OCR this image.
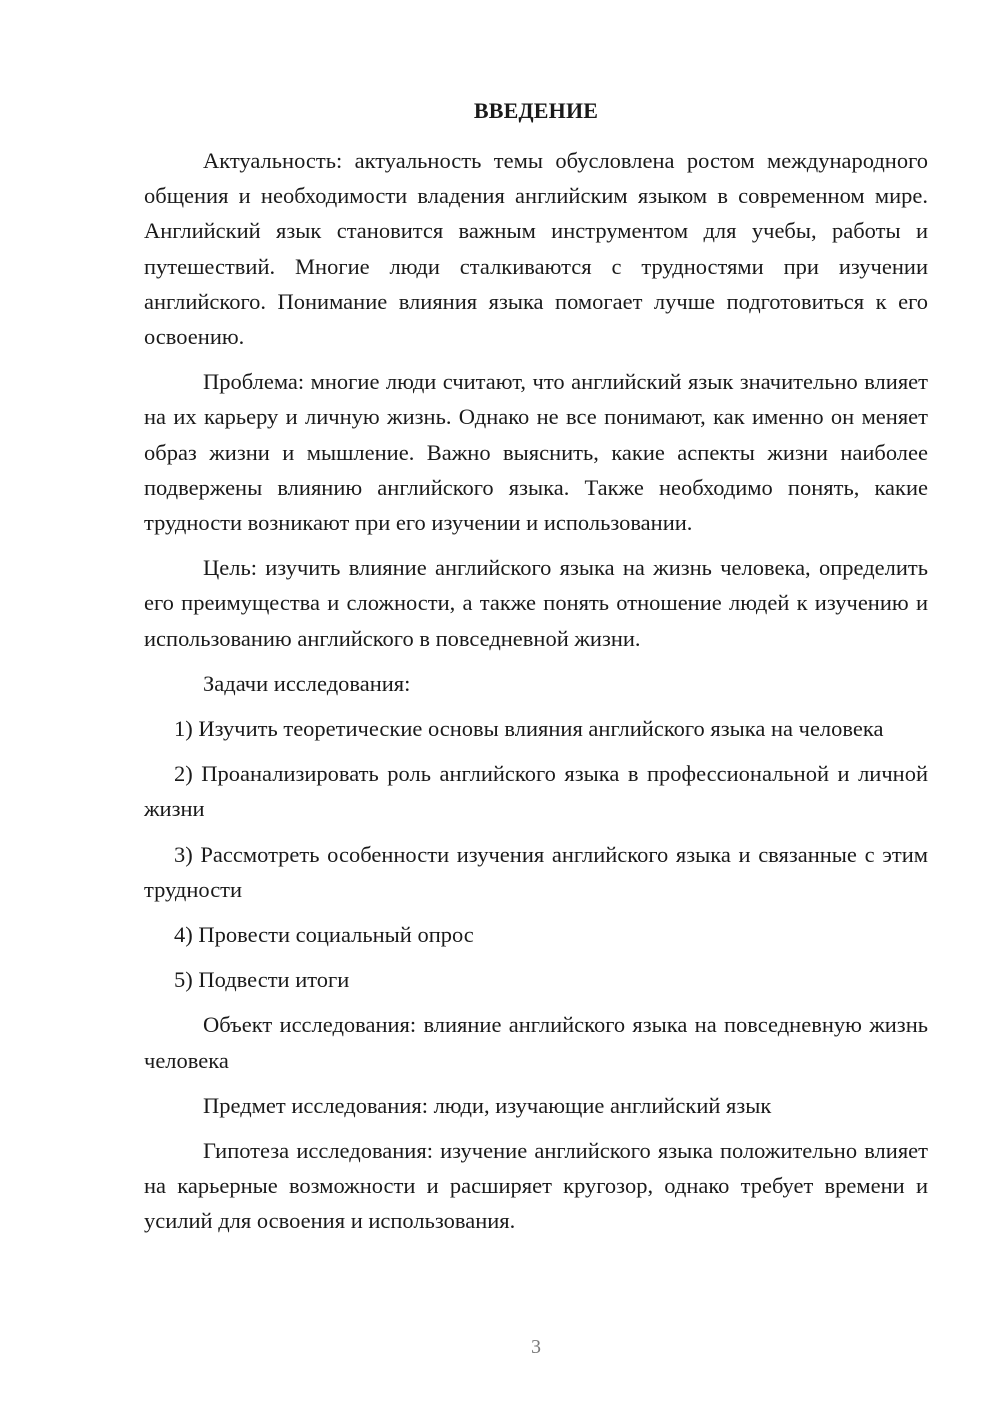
ВВЕДЕНИЕ

Актуальность: актуальность темы обусловлена ростом международного общения и необходимости владения английским языком в современном мире. Английский язык становится важным инструментом для учебы, работы и путешествий. Многие люди сталкиваются с трудностями при изучении английского. Понимание влияния языка помогает лучше подготовиться к его освоению.

Проблема: многие люди считают, что английский язык значительно влияет на их карьеру и личную жизнь. Однако не все понимают, как именно он меняет образ жизни и мышление. Важно выяснить, какие аспекты жизни наиболее подвержены влиянию английского языка. Также необходимо понять, какие трудности возникают при его изучении и использовании.

Цель: изучить влияние английского языка на жизнь человека, определить его преимущества и сложности, а также понять отношение людей к изучению и использованию английского в повседневной жизни.

Задачи исследования:

1) Изучить теоретические основы влияния английского языка на человека

2) Проанализировать роль английского языка в профессиональной и личной жизни

3) Рассмотреть особенности изучения английского языка и связанные с этим трудности

4) Провести социальный опрос

5) Подвести итоги

Объект исследования: влияние английского языка на повседневную жизнь человека

Предмет исследования: люди, изучающие английский язык

Гипотеза исследования: изучение английского языка положительно влияет на карьерные возможности и расширяет кругозор, однако требует времени и усилий для освоения и использования.

3
